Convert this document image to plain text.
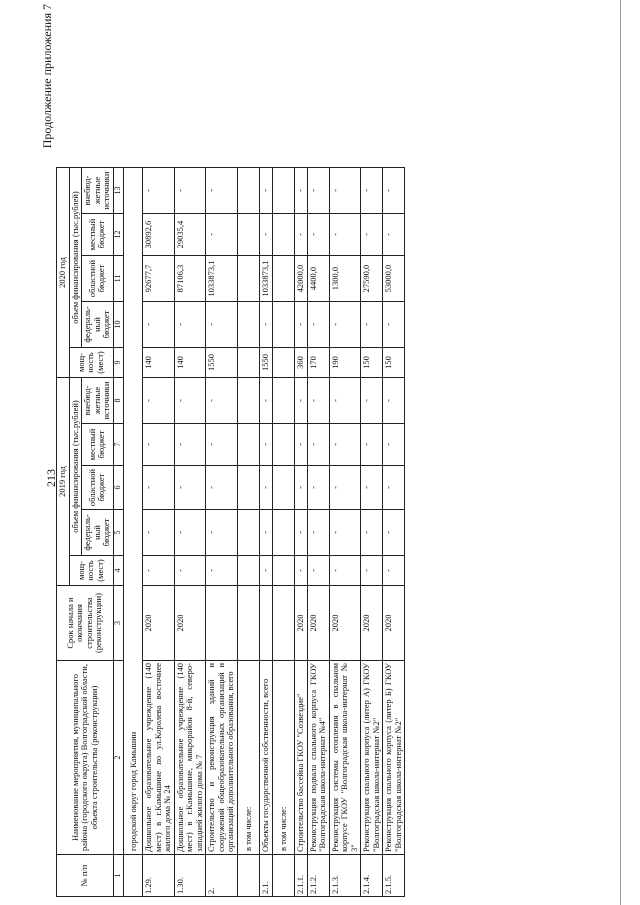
213
Продолжение приложения 7
№ п/п	Наименование мероприятия, муниципального района (городского округа) Волгоградской области, объекта строительства (реконструкции)	Срок начала и окончания строительства (реконструкции)	2019 год					2020 год				
			мощ-ность (мест)	объем финансирования (тыс.рублей)				мощ-ность (мест)	объем финансирования (тыс.рублей)			
				федераль-ный бюджет	областной бюджет	местный бюджет	внебюд-жетные источники		федераль-ный бюджет	областной бюджет	местный бюджет	внебюд-жетные источники
1	2	3	4	5	6	7	8	9	10	11	12	13
	городской округ город Камышин											
1.29.	Дошкольное образовательное учреждение (140 мест) в г.Камышине по ул.Королева восточнее жилого дома № 24	2020	-	-	-	-	-	140	-	92677,7	30892,6	-
1.30.	Дошкольное образовательное учреждение (140 мест) в г.Камышине, микрорайон 8-й, северо-западней жилого дома № 7	2020	-	-	-	-	-	140	-	87106,3	29035,4	-
2.	Строительство и реконструкция зданий и сооружений общеобразовательных организаций и организаций дополнительного образования, всего		-	-	-	-	-	1550	-	1033873,1	-	-
	в том числе:											
2.1.	Объекты государственной собственности, всего		-	-	-	-	-	1550	-	1033873,1	-	-
	в том числе:											
2.1.1.	Строительство бассейна ГКОУ "Созвездие"	2020	-	-	-	-	-	360	-	42000,0	-	-
2.1.2.	Реконструкция подвала спального корпуса ГКОУ "Волгоградская школа-интернат №4"	2020	-	-	-	-	-	170	-	4400,0	-	-
2.1.3.	Реконструкция системы отопления в спальном корпусе ГКОУ "Волгоградская школа-интернат № 3"	2020	-	-	-	-	-	190	-	1300,0	-	-
2.1.4.	Реконструкция спального корпуса (литер А) ГКОУ "Волгоградская школа-интернат №2"	2020	-	-	-	-	-	150	-	27590,0	-	-
2.1.5.	Реконструкция спального корпуса (литер Б) ГКОУ "Волгоградская школа-интернат №2"	2020	-	-	-	-	-	150	-	53000,0	-	-
